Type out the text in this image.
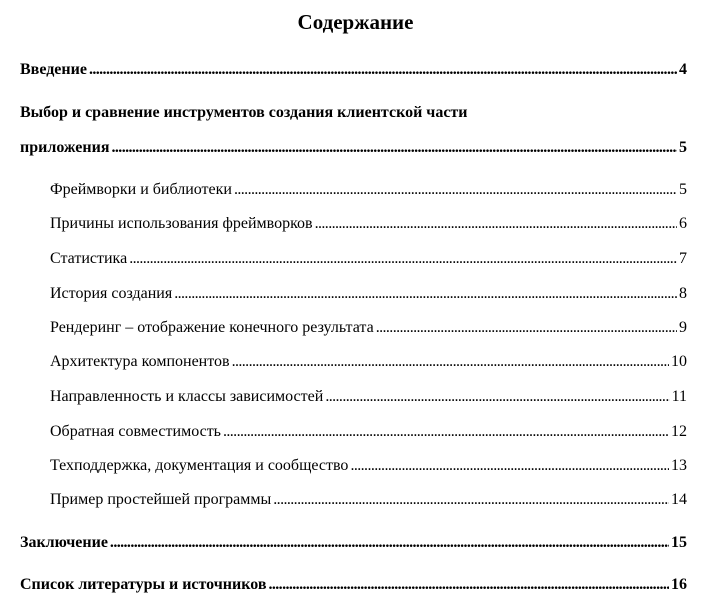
Содержание
Введение . . .	4
Выбор и сравнение инструментов создания клиентской части
приложения . . .	5
Фреймворки и библиотеки . . .	5
Причины использования фреймворков . . .	6
Статистика . . .	7
История создания . . .	8
Рендеринг – отображение конечного результата . . .	9
Архитектура компонентов . . .	10
Направленность и классы зависимостей . . .	11
Обратная совместимость . . .	12
Техподдержка, документация и сообщество . . .	13
Пример простейшей программы . . .	14
Заключение . . .	15
Список литературы и источников . . .	16
